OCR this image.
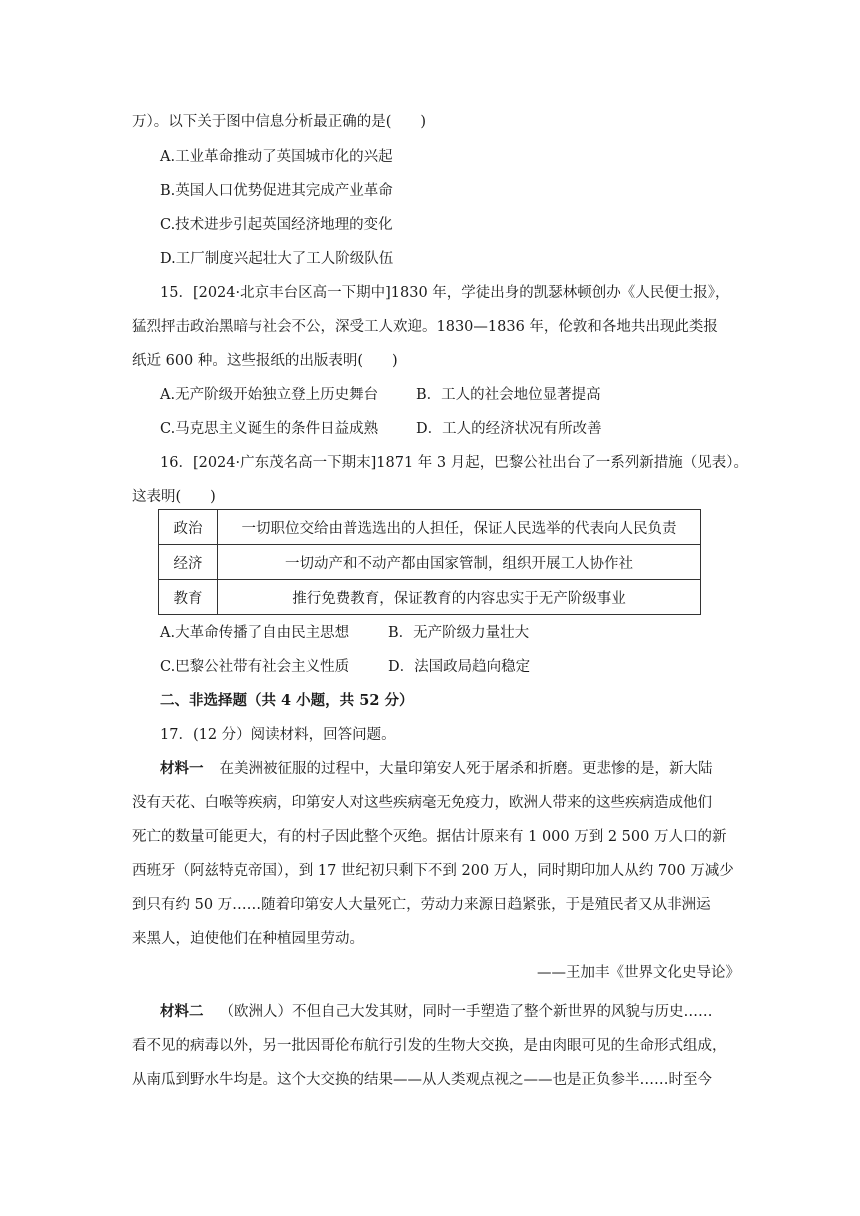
万）。以下关于图中信息分析最正确的是(　　)
A.工业革命推动了英国城市化的兴起
B.英国人口优势促进其完成产业革命
C.技术进步引起英国经济地理的变化
D.工厂制度兴起壮大了工人阶级队伍
15．[2024·北京丰台区高一下期中]1830 年，学徒出身的凯瑟林顿创办《人民便士报》，
猛烈抨击政治黑暗与社会不公，深受工人欢迎。1830—1836 年，伦敦和各地共出现此类报
纸近 600 种。这些报纸的出版表明(　　)
A.无产阶级开始独立登上历史舞台	B．工人的社会地位显著提高
C.马克思主义诞生的条件日益成熟	D．工人的经济状况有所改善
16．[2024·广东茂名高一下期末]1871 年 3 月起，巴黎公社出台了一系列新措施（见表）。
这表明(　　)
政治	一切职位交给由普选选出的人担任，保证人民选举的代表向人民负责
经济	一切动产和不动产都由国家管制，组织开展工人协作社
教育	推行免费教育，保证教育的内容忠实于无产阶级事业
A.大革命传播了自由民主思想	B．无产阶级力量壮大
C.巴黎公社带有社会主义性质	D．法国政局趋向稳定
二、非选择题（共 4 小题，共 52 分）
17．(12 分）阅读材料，回答问题。
材料一 在美洲被征服的过程中，大量印第安人死于屠杀和折磨。更悲惨的是，新大陆
没有天花、白喉等疾病，印第安人对这些疾病毫无免疫力，欧洲人带来的这些疾病造成他们
死亡的数量可能更大，有的村子因此整个灭绝。据估计原来有 1 000 万到 2 500 万人口的新
西班牙（阿兹特克帝国），到 17 世纪初只剩下不到 200 万人，同时期印加人从约 700 万减少
到只有约 50 万……随着印第安人大量死亡，劳动力来源日趋紧张，于是殖民者又从非洲运
来黑人，迫使他们在种植园里劳动。
——王加丰《世界文化史导论》
材料二 （欧洲人）不但自己大发其财，同时一手塑造了整个新世界的风貌与历史……
看不见的病毒以外，另一批因哥伦布航行引发的生物大交换，是由肉眼可见的生命形式组成，
从南瓜到野水牛均是。这个大交换的结果——从人类观点视之——也是正负参半……时至今
